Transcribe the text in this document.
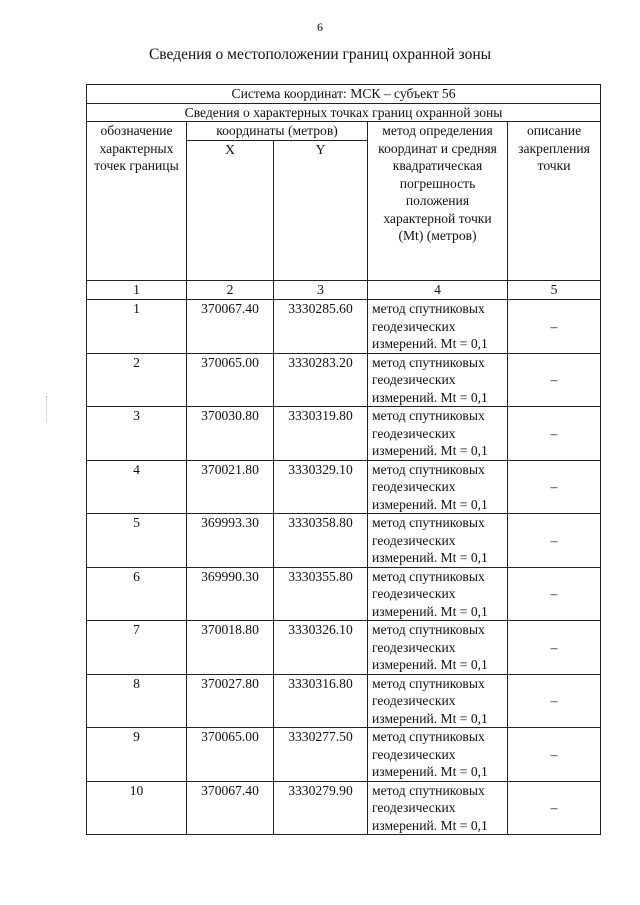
6
Сведения о местоположении границ охранной зоны
Система координат: МСК – субъект 56				
Сведения о характерных точках границ охранной зоны				
обозначение характерных точек границы	координаты (метров)		метод определения координат и средняя квадратическая погрешность положения характерной точки (Mt) (метров)	описание закрепления точки
	X	Y		
1	2	3	4	5
1	370067.40	3330285.60	метод спутниковых геодезических измерений. Mt = 0,1	–
2	370065.00	3330283.20	метод спутниковых геодезических измерений. Mt = 0,1	–
3	370030.80	3330319.80	метод спутниковых геодезических измерений. Mt = 0,1	–
4	370021.80	3330329.10	метод спутниковых геодезических измерений. Mt = 0,1	–
5	369993.30	3330358.80	метод спутниковых геодезических измерений. Mt = 0,1	–
6	369990.30	3330355.80	метод спутниковых геодезических измерений. Mt = 0,1	–
7	370018.80	3330326.10	метод спутниковых геодезических измерений. Mt = 0,1	–
8	370027.80	3330316.80	метод спутниковых геодезических измерений. Mt = 0,1	–
9	370065.00	3330277.50	метод спутниковых геодезических измерений. Mt = 0,1	–
10	370067.40	3330279.90	метод спутниковых геодезических измерений. Mt = 0,1	–
